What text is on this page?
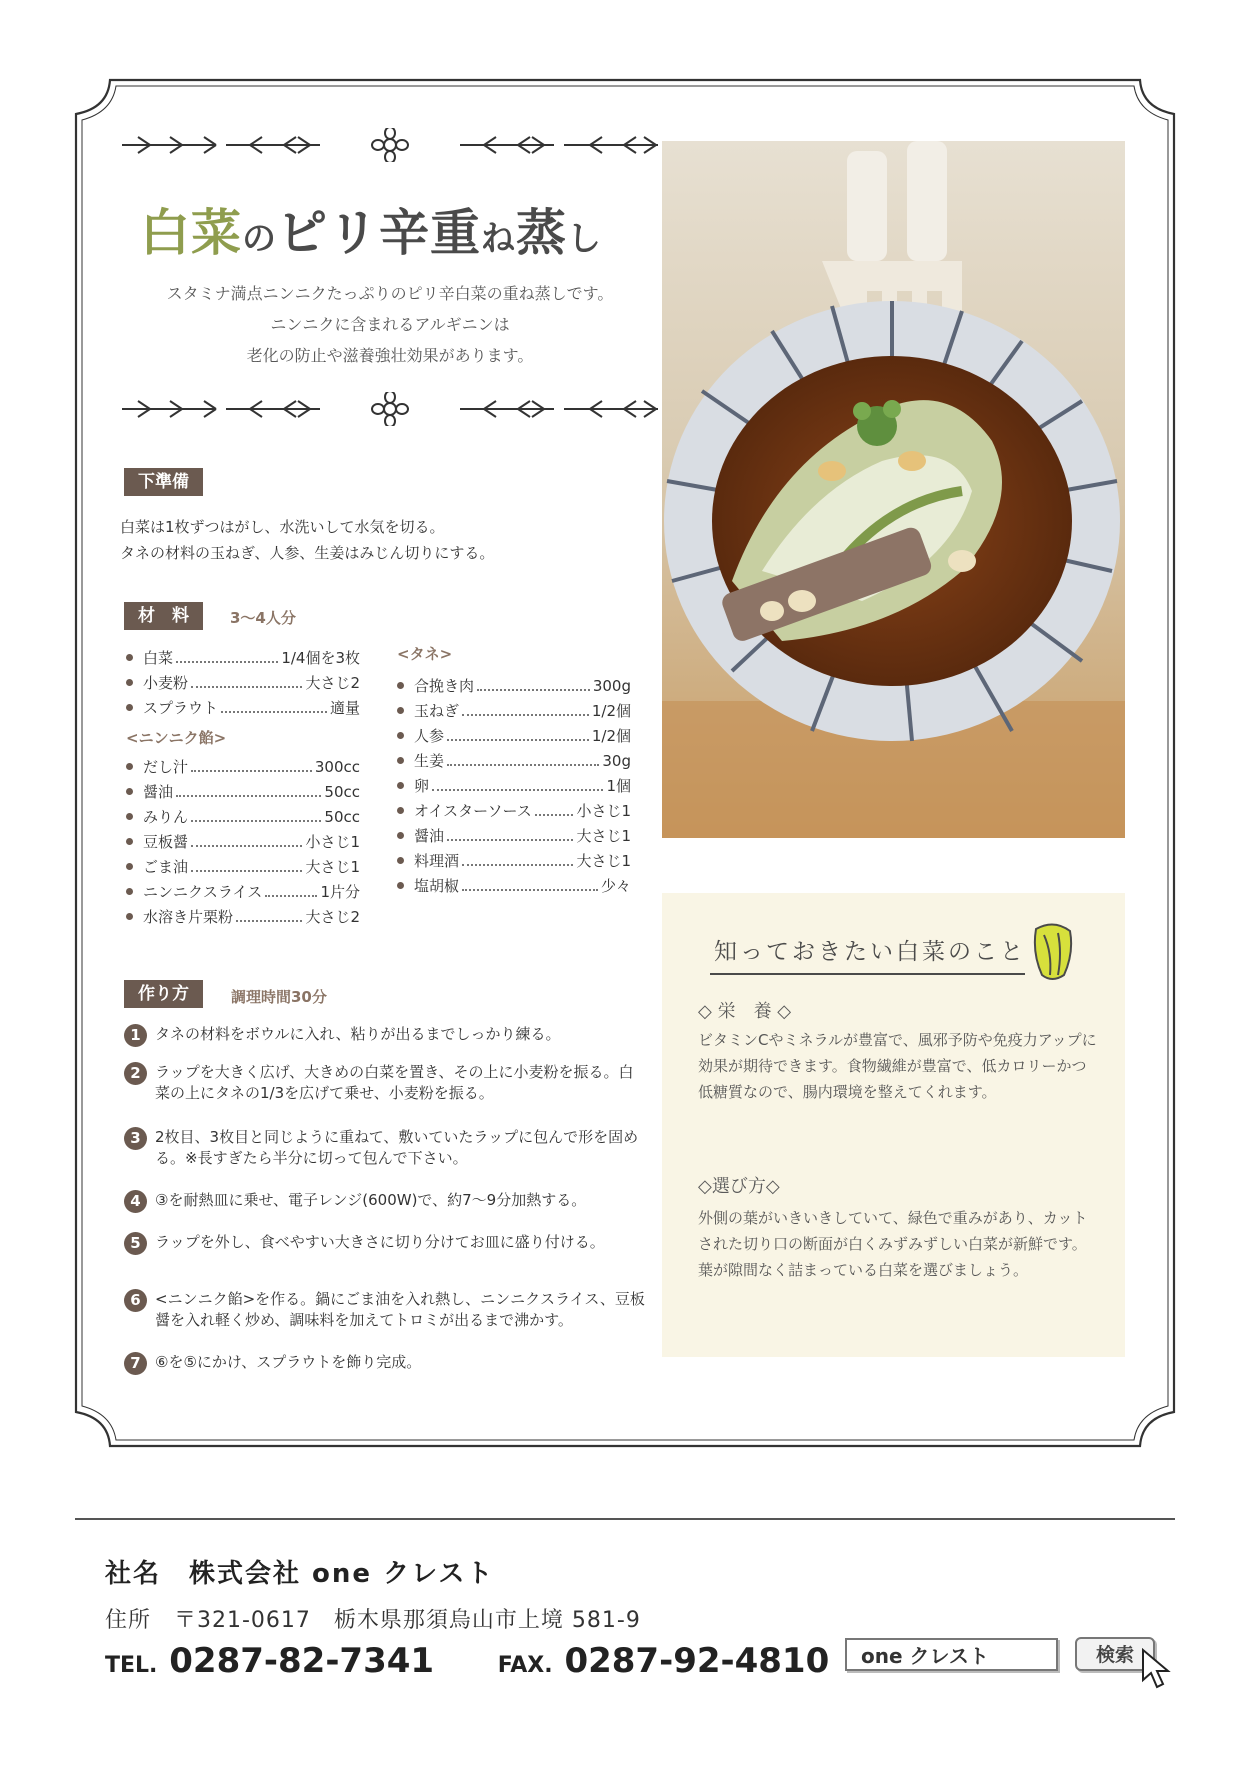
白菜のピリ辛重ね蒸し
スタミナ満点ニンニクたっぷりのピリ辛白菜の重ね蒸しです。
ニンニクに含まれるアルギニンは
老化の防止や滋養強壮効果があります。
下準備
白菜は1枚ずつはがし、水洗いして水気を切る。
タネの材料の玉ねぎ、人参、生姜はみじん切りにする。
材　料	3～4人分
白菜	1/4個を3枚
小麦粉	大さじ2
スプラウト	適量
<ニンニク餡>
だし汁	300cc
醤油	50cc
みりん	50cc
豆板醤	小さじ1
ごま油	大さじ1
ニンニクスライス	1片分
水溶き片栗粉	大さじ2
<タネ>
合挽き肉	300g
玉ねぎ	1/2個
人参	1/2個
生姜	30g
卵	1個
オイスターソース	小さじ1
醤油	大さじ1
料理酒	大さじ1
塩胡椒	少々
作り方	調理時間30分
1 タネの材料をボウルに入れ、粘りが出るまでしっかり練る。
2 ラップを大きく広げ、大きめの白菜を置き、その上に小麦粉を振る。白菜の上にタネの1/3を広げて乗せ、小麦粉を振る。
3 2枚目、3枚目と同じように重ねて、敷いていたラップに包んで形を固める。※長すぎたら半分に切って包んで下さい。
4 ③を耐熱皿に乗せ、電子レンジ(600W)で、約7～9分加熱する。
5 ラップを外し、食べやすい大きさに切り分けてお皿に盛り付ける。
6 <ニンニク餡>を作る。鍋にごま油を入れ熱し、ニンニクスライス、豆板醤を入れ軽く炒め、調味料を加えてトロミが出るまで沸かす。
7 ⑥を⑤にかけ、スプラウトを飾り完成。
知っておきたい白菜のこと
◇ 栄　養 ◇
ビタミンCやミネラルが豊富で、風邪予防や免疫力アップに効果が期待できます。食物繊維が豊富で、低カロリーかつ低糖質なので、腸内環境を整えてくれます。
◇選び方◇
外側の葉がいきいきしていて、緑色で重みがあり、カットされた切り口の断面が白くみずみずしい白菜が新鮮です。葉が隙間なく詰まっている白菜を選びましょう。
社名　株式会社 one クレスト
住所　〒321-0617　栃木県那須烏山市上境 581-9
TEL. 0287-82-7341	FAX. 0287-92-4810	one クレスト	検索
